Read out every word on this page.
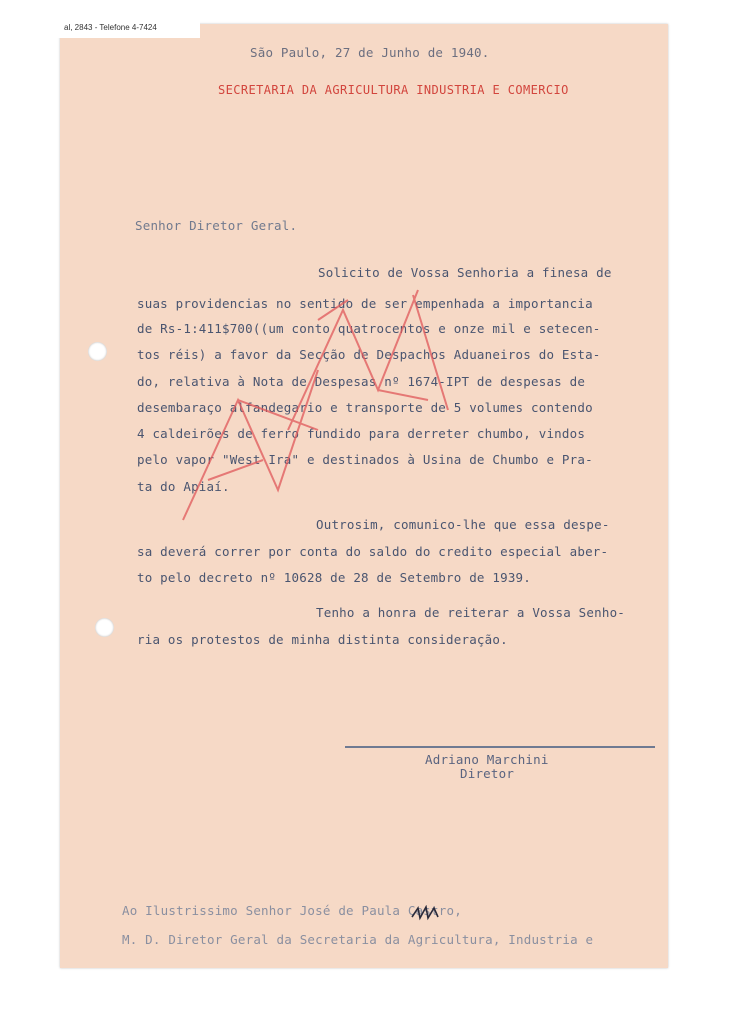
al, 2843 - Telefone 4-7424
São Paulo, 27 de Junho de 1940.
SECRETARIA DA AGRICULTURA INDUSTRIA E COMERCIO
Senhor Diretor Geral.
Solicito de Vossa Senhoria a finesa de
suas providencias no sentido de ser empenhada a importancia
de Rs-1:411$700((um conto quatrocentos e onze mil e setecen-
tos réis) a favor da Secção de Despachos Aduaneiros do Esta-
do, relativa à Nota de Despesas nº 1674-IPT de despesas de
desembaraço alfandegario e transporte de 5 volumes contendo
4 caldeirões de ferro fundido para derreter chumbo, vindos
pelo vapor "West Ira" e destinados à Usina de Chumbo e Pra-
ta do Apiaí.
Outrosim, comunico-lhe que essa despe-
sa deverá correr por conta do saldo do credito especial aber-
to pelo decreto nº 10628 de 28 de Setembro de 1939.
Tenho a honra de reiterar a Vossa Senho-
ria os protestos de minha distinta consideração.
Adriano Marchini
Diretor
Ao Ilustrissimo Senhor José de Paula Castro,
M. D. Diretor Geral da Secretaria da Agricultura, Industria e
